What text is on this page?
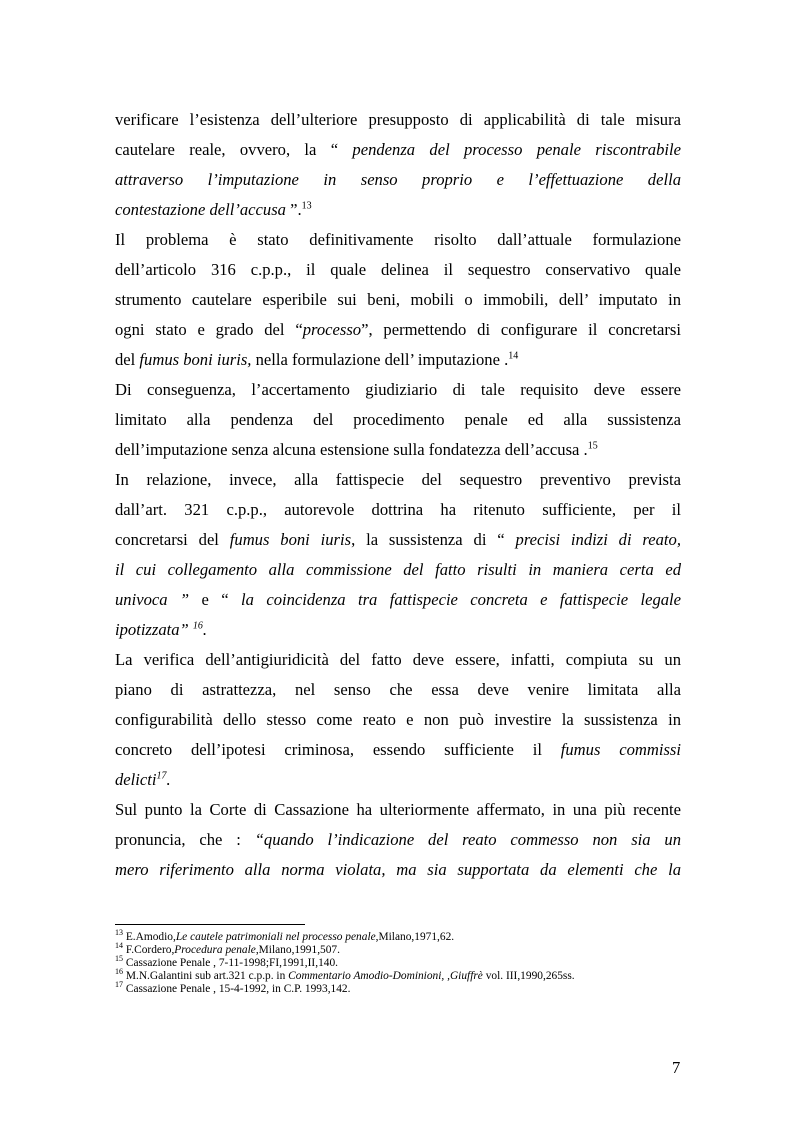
verificare l’esistenza dell’ulteriore presupposto di applicabilità di tale misura
cautelare reale, ovvero, la “ pendenza del processo penale riscontrabile
attraverso l’imputazione in senso proprio e l’effettuazione della
contestazione dell’accusa ”.$^{13}$
Il problema è stato definitivamente risolto dall’attuale formulazione
dell’articolo 316 c.p.p., il quale delinea il sequestro conservativo quale
strumento cautelare esperibile sui beni, mobili o immobili, dell’ imputato in
ogni stato e grado del “processo”, permettendo di configurare il concretarsi
del fumus boni iuris, nella formulazione dell’ imputazione .$^{14}$
Di conseguenza, l’accertamento giudiziario di tale requisito deve essere
limitato alla pendenza del procedimento penale ed alla sussistenza
dell’imputazione senza alcuna estensione sulla fondatezza dell’accusa .$^{15}$
In relazione, invece, alla fattispecie del sequestro preventivo prevista
dall’art. 321 c.p.p., autorevole dottrina ha ritenuto sufficiente, per il
concretarsi del fumus boni iuris, la sussistenza di “ precisi indizi di reato,
il cui collegamento alla commissione del fatto risulti in maniera certa ed
univoca ” e “ la coincidenza tra fattispecie concreta e fattispecie legale
ipotizzata” $^{16}$.
La verifica dell’antigiuridicità del fatto deve essere, infatti, compiuta su un
piano di astrattezza, nel senso che essa deve venire limitata alla
configurabilità dello stesso come reato e non può investire la sussistenza in
concreto dell’ipotesi criminosa, essendo sufficiente il fumus commissi
delicti$^{17}$.
Sul punto la Corte di Cassazione ha ulteriormente affermato, in una più recente
pronuncia, che : “quando l’indicazione del reato commesso non sia un
mero riferimento alla norma violata, ma sia supportata da elementi che la
$^{13}$ E.Amodio,Le cautele patrimoniali nel processo penale,Milano,1971,62.
$^{14}$ F.Cordero,Procedura penale,Milano,1991,507.
$^{15}$ Cassazione Penale , 7-11-1998;FI,1991,II,140.
$^{16}$ M.N.Galantini sub art.321 c.p.p. in Commentario Amodio-Dominioni, ,Giuffrè vol. III,1990,265ss.
$^{17}$ Cassazione Penale , 15-4-1992, in C.P. 1993,142.
7
